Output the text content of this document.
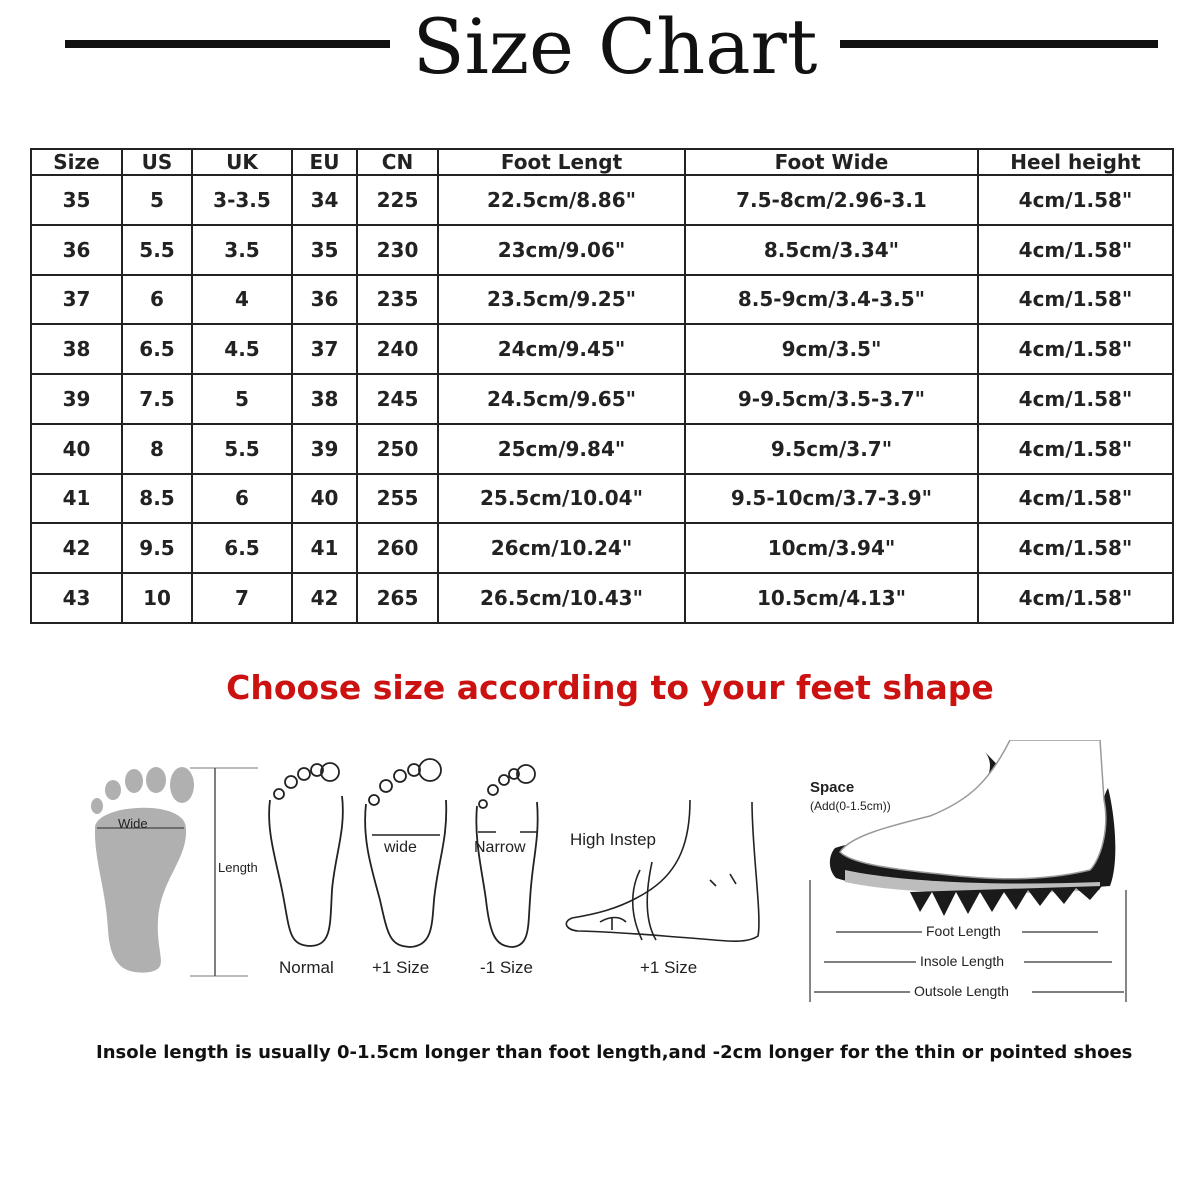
Size Chart
Size	US	UK	EU	CN	Foot Lengt	Foot Wide	Heel height
35	5	3-3.5	34	225	22.5cm/8.86"	7.5-8cm/2.96-3.1	4cm/1.58"
36	5.5	3.5	35	230	23cm/9.06"	8.5cm/3.34"	4cm/1.58"
37	6	4	36	235	23.5cm/9.25"	8.5-9cm/3.4-3.5"	4cm/1.58"
38	6.5	4.5	37	240	24cm/9.45"	9cm/3.5"	4cm/1.58"
39	7.5	5	38	245	24.5cm/9.65"	9-9.5cm/3.5-3.7"	4cm/1.58"
40	8	5.5	39	250	25cm/9.84"	9.5cm/3.7"	4cm/1.58"
41	8.5	6	40	255	25.5cm/10.04"	9.5-10cm/3.7-3.9"	4cm/1.58"
42	9.5	6.5	41	260	26cm/10.24"	10cm/3.94"	4cm/1.58"
43	10	7	42	265	26.5cm/10.43"	10.5cm/4.13"	4cm/1.58"
Choose size according to your feet shape
Wide
Length
Normal
wide
+1 Size
Narrow
-1 Size
High Instep
+1 Size
Space
(Add(0-1.5cm))
Foot Length
Insole Length
Outsole Length
Insole length is usually 0-1.5cm longer than foot length,and -2cm longer for the thin or pointed shoes
